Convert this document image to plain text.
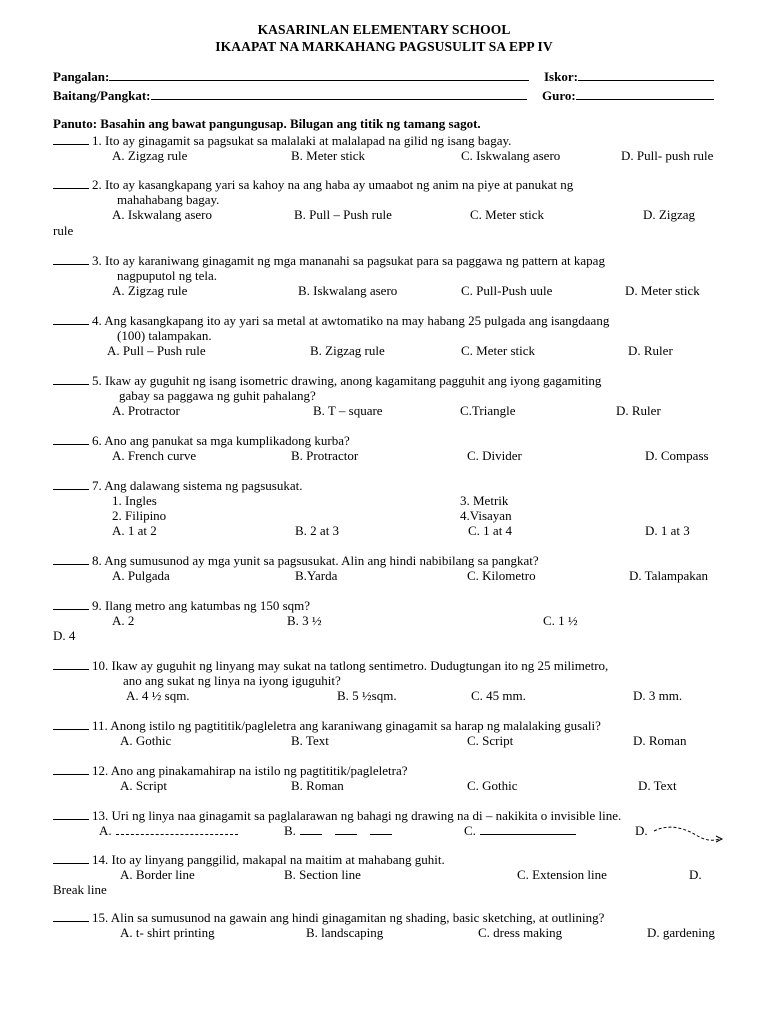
KASARINLAN ELEMENTARY SCHOOL
IKAAPAT NA MARKAHANG PAGSUSULIT SA EPP IV
Pangalan:	Iskor:
Baitang/Pangkat:	Guro:
Panuto: Basahin ang bawat pangungusap. Bilugan ang titik ng tamang sagot.
1. Ito ay ginagamit sa pagsukat sa malalaki at malalapad na gilid ng isang bagay.
A. Zigzag rule	B. Meter stick	C. Iskwalang asero	D. Pull- push rule
2. Ito ay kasangkapang yari sa kahoy na ang haba ay umaabot ng anim na piye at panukat ng
mahahabang bagay.
A. Iskwalang asero	B. Pull – Push rule	C. Meter stick	D. Zigzag
rule
3. Ito ay karaniwang ginagamit ng mga mananahi sa pagsukat para sa paggawa ng pattern at kapag
nagpuputol ng tela.
A. Zigzag rule	B. Iskwalang asero	C. Pull-Push uule	D. Meter stick
4. Ang kasangkapang ito ay yari sa metal at awtomatiko na may habang 25 pulgada ang isangdaang
(100) talampakan.
A. Pull – Push rule	B. Zigzag rule	C. Meter stick	D. Ruler
5. Ikaw ay guguhit ng isang isometric drawing, anong kagamitang pagguhit ang iyong gagamiting
gabay sa paggawa ng guhit pahalang?
A. Protractor	B. T – square	C.Triangle	D. Ruler
6. Ano ang panukat sa mga kumplikadong kurba?
A. French curve	B. Protractor	C. Divider	D. Compass
7. Ang dalawang sistema ng pagsusukat.
1. Ingles	3. Metrik
2. Filipino	4.Visayan
A. 1 at 2	B. 2 at 3	C. 1 at 4	D. 1 at 3
8. Ang sumusunod ay mga yunit sa pagsusukat. Alin ang hindi nabibilang sa pangkat?
A. Pulgada	B.Yarda	C. Kilometro	D. Talampakan
9. Ilang metro ang katumbas ng 150 sqm?
A. 2	B. 3 ½	C. 1 ½
D. 4
10. Ikaw ay guguhit ng linyang may sukat na tatlong sentimetro. Dudugtungan ito ng 25 milimetro,
ano ang sukat ng linya na iyong iguguhit?
A. 4 ½ sqm.	B. 5 ½sqm.	C. 45 mm.	D. 3 mm.
11. Anong istilo ng pagtititik/pagleletra ang karaniwang ginagamit sa harap ng malalaking gusali?
A. Gothic	B. Text	C. Script	D. Roman
12. Ano ang pinakamahirap na istilo ng pagtititik/pagleletra?
A. Script	B. Roman	C. Gothic	D. Text
13. Uri ng linya naa ginagamit sa paglalarawan ng bahagi ng drawing na di – nakikita o invisible line.
A.	B.	C.	D.
14. Ito ay linyang panggilid, makapal na maitim at mahabang guhit.
A. Border line	B. Section line	C. Extension line	D.
Break line
15. Alin sa sumusunod na gawain ang hindi ginagamitan ng shading, basic sketching, at outlining?
A. t- shirt printing	B. landscaping	C. dress making	D. gardening
